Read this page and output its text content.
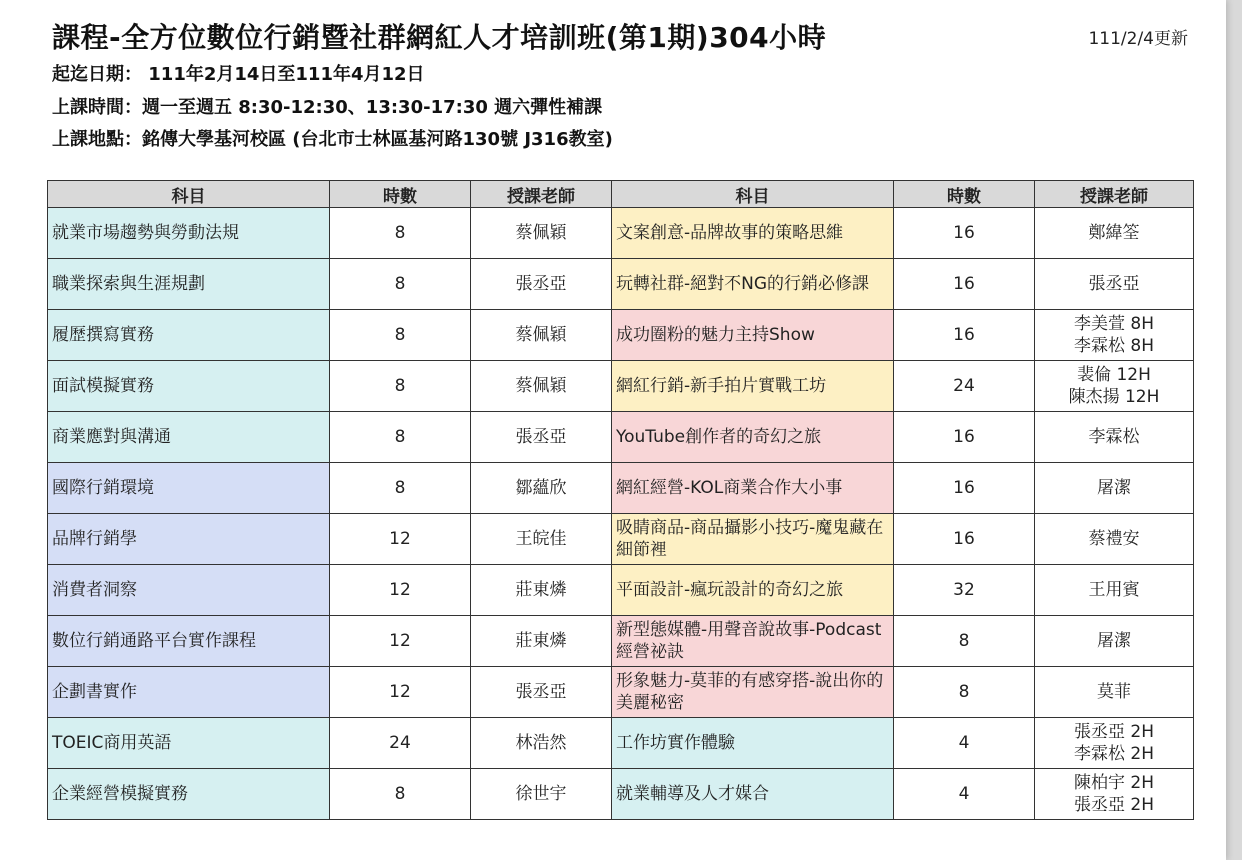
課程-全方位數位行銷暨社群網紅人才培訓班(第1期)304小時	111/2/4更新
起迄日期： 111年2月14日至111年4月12日
上課時間：週一至週五 8:30-12:30、13:30-17:30 週六彈性補課
上課地點：銘傳大學基河校區 (台北市士林區基河路130號 J316教室)
科目	時數	授課老師	科目	時數	授課老師
就業市場趨勢與勞動法規	8	蔡佩穎	文案創意-品牌故事的策略思維	16	鄭緯筌

職業探索與生涯規劃	8	張丞亞	玩轉社群-絕對不NG的行銷必修課	16	張丞亞

履歷撰寫實務	8	蔡佩穎	成功圈粉的魅力主持Show	16	李美萱 8H
李霖松 8H

面試模擬實務	8	蔡佩穎	網紅行銷-新手拍片實戰工坊	24	裴倫 12H
陳杰揚 12H

商業應對與溝通	8	張丞亞	YouTube創作者的奇幻之旅	16	李霖松

國際行銷環境	8	鄒蘊欣	網紅經營-KOL商業合作大小事	16	屠潔

品牌行銷學	12	王皖佳	吸睛商品-商品攝影小技巧-魔鬼藏在細節裡	16	蔡禮安

消費者洞察	12	莊東燐	平面設計-瘋玩設計的奇幻之旅	32	王用賓

數位行銷通路平台實作課程	12	莊東燐	新型態媒體-用聲音說故事-Podcast 經營祕訣	8	屠潔

企劃書實作	12	張丞亞	形象魅力-莫菲的有感穿搭-說出你的美麗秘密	8	莫菲

TOEIC商用英語	24	林浩然	工作坊實作體驗	4	張丞亞 2H
李霖松 2H

企業經營模擬實務	8	徐世宇	就業輔導及人才媒合	4	陳柏宇 2H
張丞亞 2H
